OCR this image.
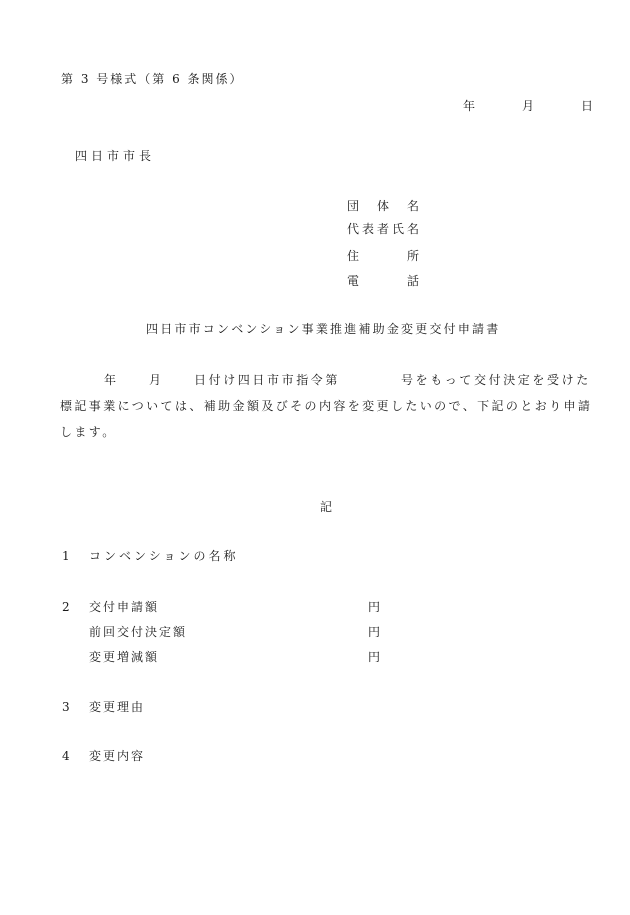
第 3 号様式（第 6 条関係）
年	月	日
四日市市長
団 体 名
代表者氏名
住	所
電	話
四日市市コンベンション事業推進補助金変更交付申請書
年	月	日付け四日市市指令第	号をもって交付決定を受けた
標記事業については、補助金額及びその内容を変更したいので、下記のとおり申請
します。
記
1 コンベンションの名称
2 交付申請額	円
前回交付決定額	円
変更増減額	円
3 変更理由
4 変更内容
